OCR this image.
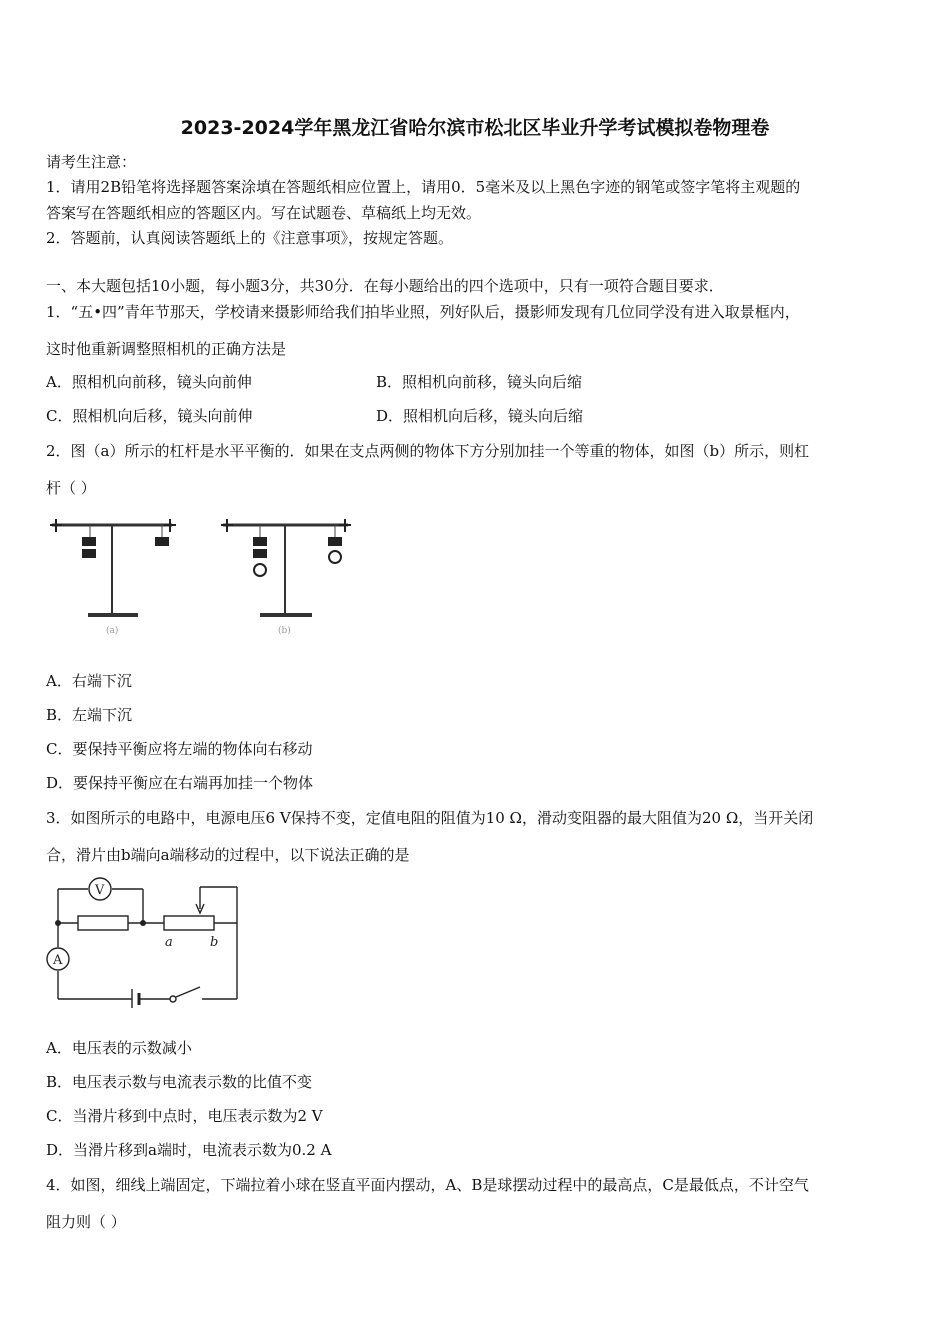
2023-2024学年黑龙江省哈尔滨市松北区毕业升学考试模拟卷物理卷
请考生注意：
1．请用2B铅笔将选择题答案涂填在答题纸相应位置上，请用0．5毫米及以上黑色字迹的钢笔或签字笔将主观题的
答案写在答题纸相应的答题区内。写在试题卷、草稿纸上均无效。
2．答题前，认真阅读答题纸上的《注意事项》，按规定答题。
一、本大题包括10小题，每小题3分，共30分．在每小题给出的四个选项中，只有一项符合题目要求．
1．“五•四”青年节那天，学校请来摄影师给我们拍毕业照，列好队后，摄影师发现有几位同学没有进入取景框内，
这时他重新调整照相机的正确方法是
A．照相机向前移，镜头向前伸	B．照相机向前移，镜头向后缩
C．照相机向后移，镜头向前伸	D．照相机向后移，镜头向后缩
2．图（a）所示的杠杆是水平平衡的．如果在支点两侧的物体下方分别加挂一个等重的物体，如图（b）所示，则杠
杆（ ）
(a)	(b)
A．右端下沉
B．左端下沉
C．要保持平衡应将左端的物体向右移动
D．要保持平衡应在右端再加挂一个物体
3．如图所示的电路中，电源电压6 V保持不变，定值电阻的阻值为10 Ω，滑动变阻器的最大阻值为20 Ω，当开关闭
合，滑片由b端向a端移动的过程中，以下说法正确的是
V
A
a	b
A．电压表的示数减小
B．电压表示数与电流表示数的比值不变
C．当滑片移到中点时，电压表示数为2 V
D．当滑片移到a端时，电流表示数为0.2 A
4．如图，细线上端固定，下端拉着小球在竖直平面内摆动，A、B是球摆动过程中的最高点，C是最低点，不计空气
阻力则（ ）
